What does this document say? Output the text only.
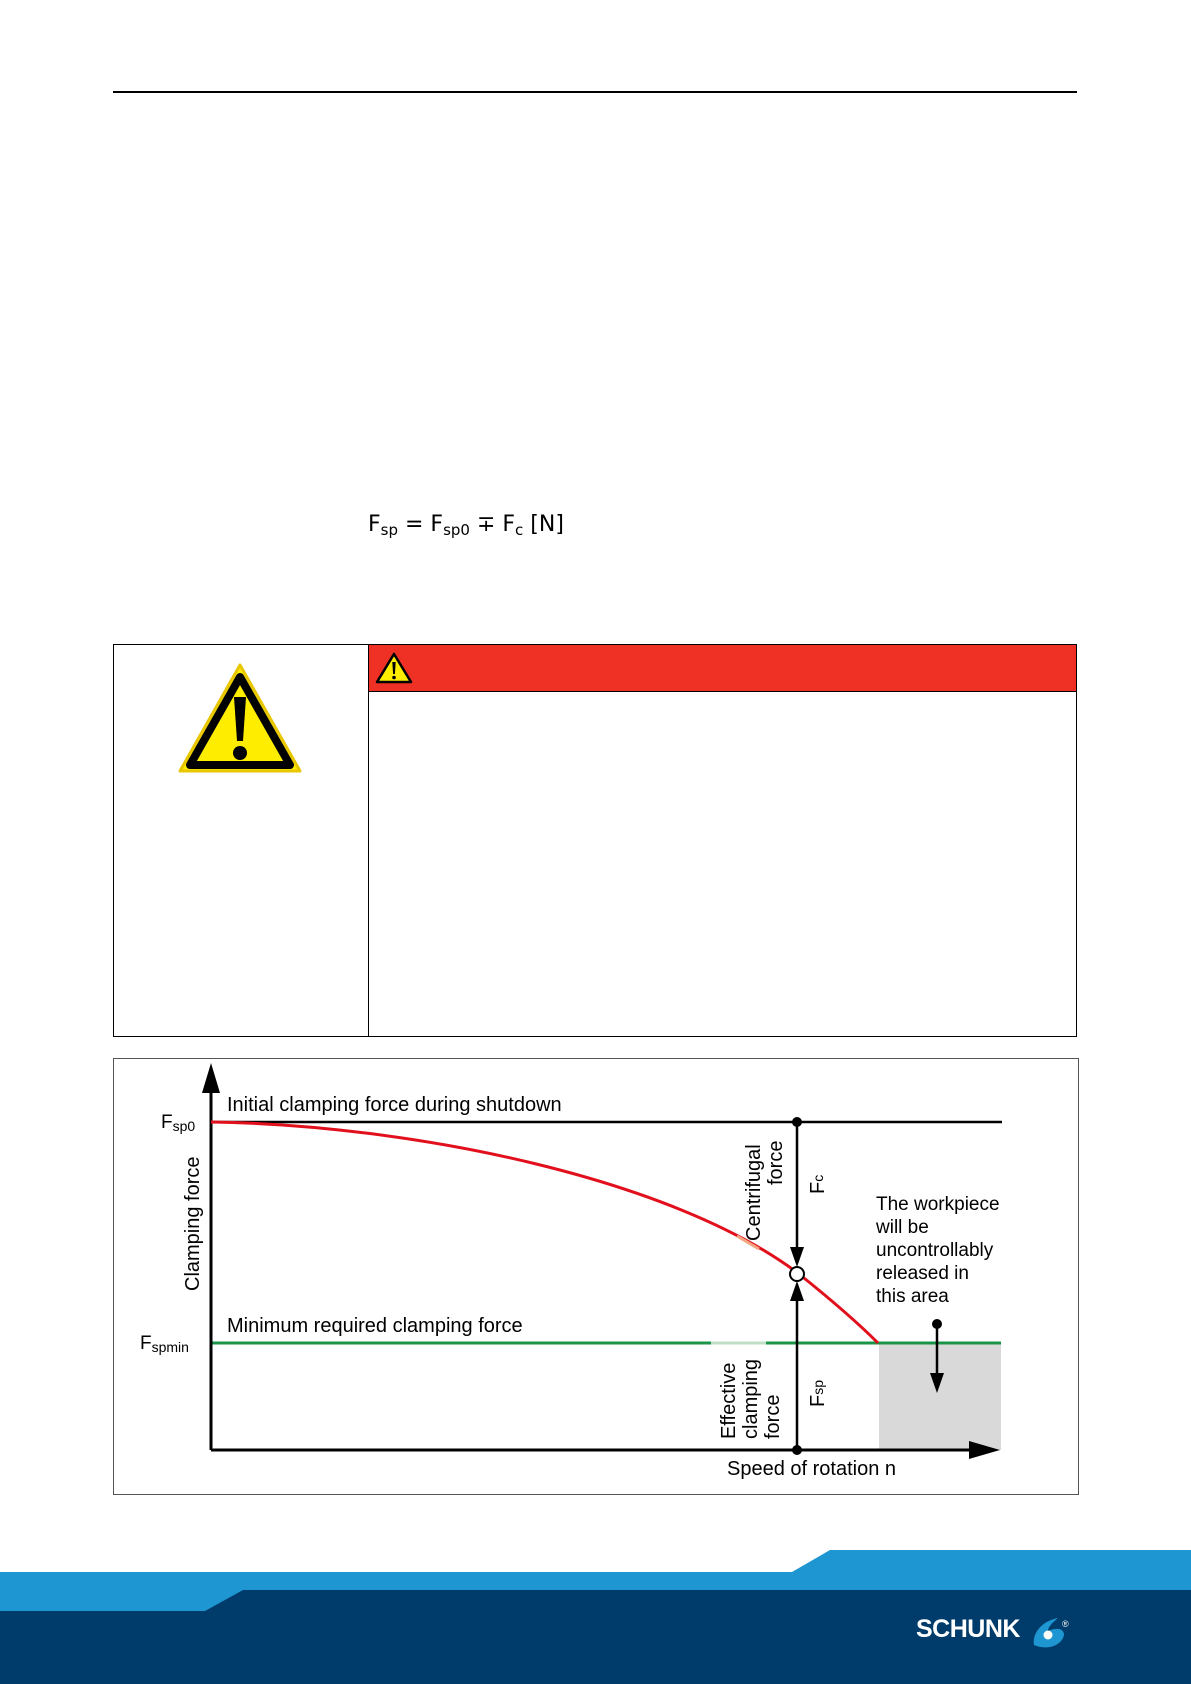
$F_{sp} = F_{sp0} \mp F_c$ [N]
Initial clamping force during shutdown
Minimum required clamping force
Speed of rotation n
Clamping force
Fsp0
Fspmin
Centrifugal force
Fc
Effective clamping force Fsp
The workpiece
will be
uncontrollably
released in
this area
SCHUNK	®
